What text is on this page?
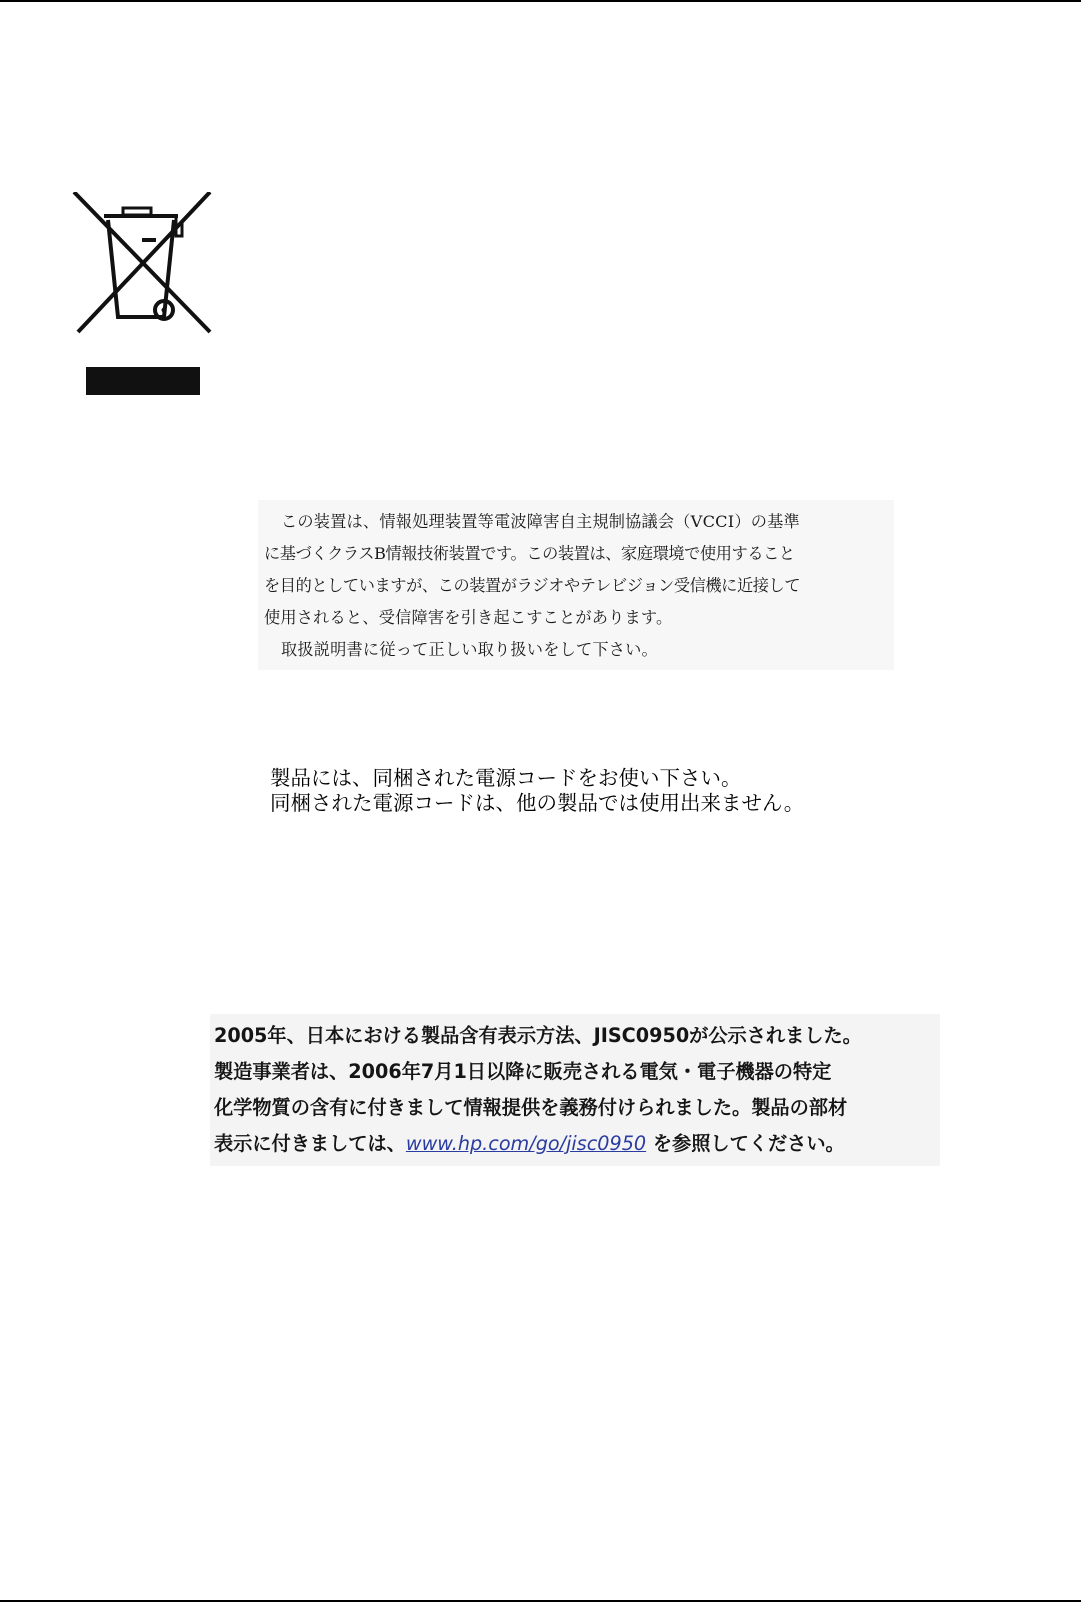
この装置は、情報処理装置等電波障害自主規制協議会（VCCI）の基準

に基づくクラスB情報技術装置です。この装置は、家庭環境で使用すること

を目的としていますが、この装置がラジオやテレビジョン受信機に近接して

使用されると、受信障害を引き起こすことがあります。

取扱説明書に従って正しい取り扱いをして下さい。

製品には、同梱された電源コードをお使い下さい。

同梱された電源コードは、他の製品では使用出来ません。

2005年、日本における製品含有表示方法、JISC0950が公示されました。

製造事業者は、2006年7月1日以降に販売される電気・電子機器の特定

化学物質の含有に付きまして情報提供を義務付けられました。製品の部材

表示に付きましては、www.hp.com/go/jisc0950 を参照してください。
